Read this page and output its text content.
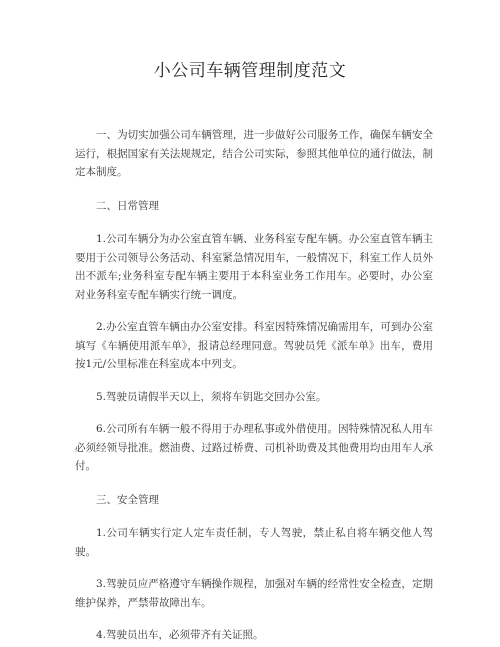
小公司车辆管理制度范文

一、为切实加强公司车辆管理，进一步做好公司服务工作，确保车辆安全运行，根据国家有关法规规定，结合公司实际，参照其他单位的通行做法，制定本制度。

二、日常管理

1.公司车辆分为办公室直管车辆、业务科室专配车辆。办公室直管车辆主要用于公司领导公务活动、科室紧急情况用车，一般情况下，科室工作人员外出不派车;业务科室专配车辆主要用于本科室业务工作用车。必要时，办公室对业务科室专配车辆实行统一调度。

2.办公室直管车辆由办公室安排。科室因特殊情况确需用车，可到办公室填写《车辆使用派车单》，报请总经理同意。驾驶员凭《派车单》出车，费用按1元/公里标准在科室成本中列支。

5.驾驶员请假半天以上，须将车钥匙交回办公室。

6.公司所有车辆一般不得用于办理私事或外借使用。因特殊情况私人用车必须经领导批准。燃油费、过路过桥费、司机补助费及其他费用均由用车人承付。

三、安全管理

1.公司车辆实行定人定车责任制，专人驾驶，禁止私自将车辆交他人驾驶。

3.驾驶员应严格遵守车辆操作规程，加强对车辆的经常性安全检查，定期维护保养，严禁带故障出车。

4.驾驶员出车，必须带齐有关证照。
